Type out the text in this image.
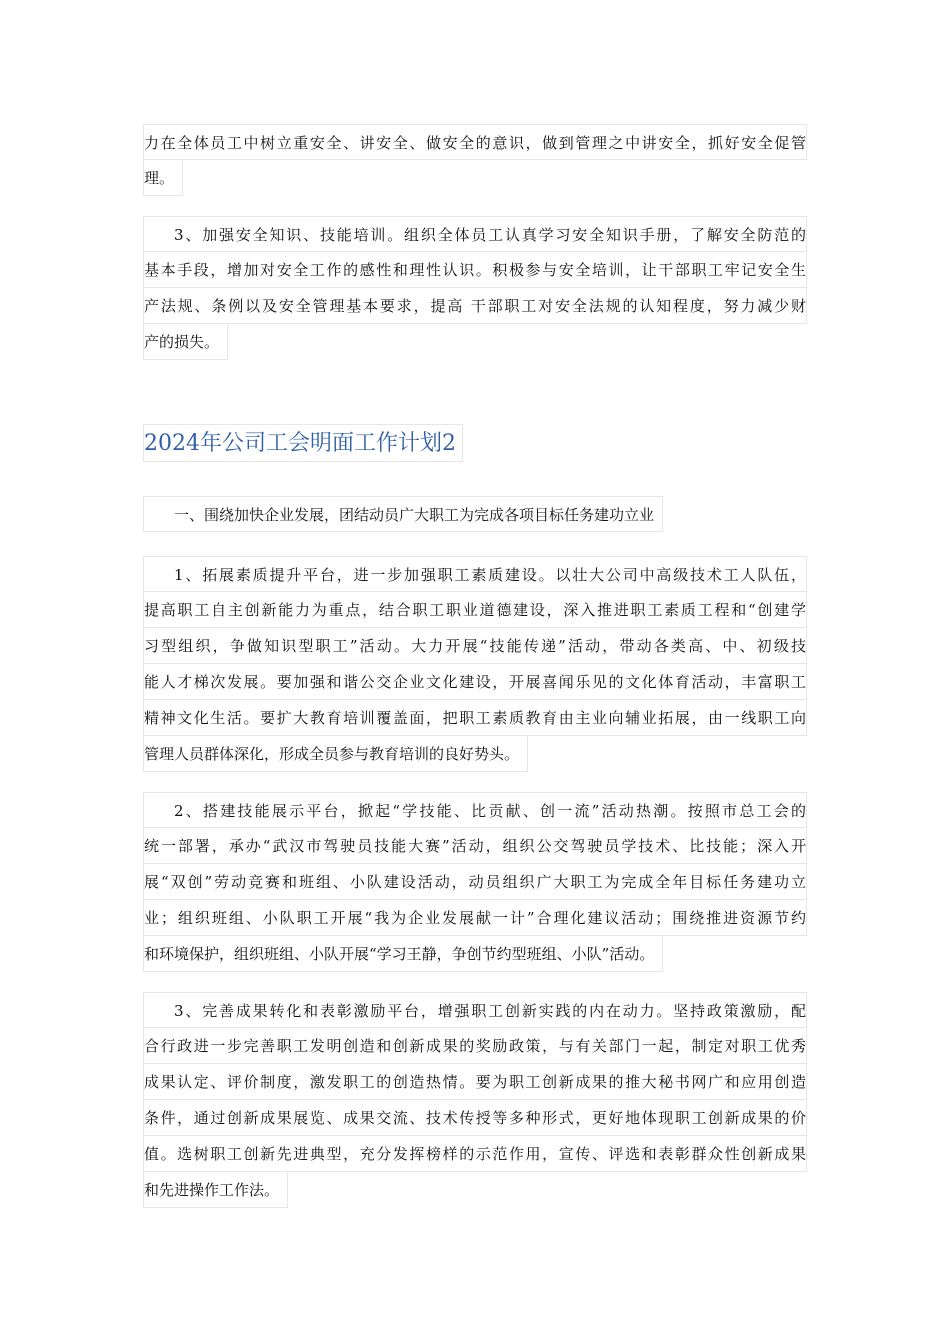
力在全体员工中树立重安全、讲安全、做安全的意识，做到管理之中讲安全，抓好安全促管
理。
3、加强安全知识、技能培训。组织全体员工认真学习安全知识手册，了解安全防范的
基本手段，增加对安全工作的感性和理性认识。积极参与安全培训，让干部职工牢记安全生
产法规、条例以及安全管理基本要求，提高 干部职工对安全法规的认知程度，努力减少财
产的损失。
2024年公司工会明面工作计划2
一、围绕加快企业发展，团结动员广大职工为完成各项目标任务建功立业
1、拓展素质提升平台，进一步加强职工素质建设。以壮大公司中高级技术工人队伍，
提高职工自主创新能力为重点，结合职工职业道德建设，深入推进职工素质工程和“创建学
习型组织，争做知识型职工”活动。大力开展“技能传递”活动，带动各类高、中、初级技
能人才梯次发展。要加强和谐公交企业文化建设，开展喜闻乐见的文化体育活动，丰富职工
精神文化生活。要扩大教育培训覆盖面，把职工素质教育由主业向辅业拓展，由一线职工向
管理人员群体深化，形成全员参与教育培训的良好势头。
2、搭建技能展示平台，掀起“学技能、比贡献、创一流”活动热潮。按照市总工会的
统一部署，承办“武汉市驾驶员技能大赛”活动，组织公交驾驶员学技术、比技能；深入开
展“双创”劳动竞赛和班组、小队建设活动，动员组织广大职工为完成全年目标任务建功立
业；组织班组、小队职工开展“我为企业发展献一计”合理化建议活动；围绕推进资源节约
和环境保护，组织班组、小队开展“学习王静，争创节约型班组、小队”活动。
3、完善成果转化和表彰激励平台，增强职工创新实践的内在动力。坚持政策激励，配
合行政进一步完善职工发明创造和创新成果的奖励政策，与有关部门一起，制定对职工优秀
成果认定、评价制度，激发职工的创造热情。要为职工创新成果的推大秘书网广和应用创造
条件，通过创新成果展览、成果交流、技术传授等多种形式，更好地体现职工创新成果的价
值。选树职工创新先进典型，充分发挥榜样的示范作用，宣传、评选和表彰群众性创新成果
和先进操作工作法。
